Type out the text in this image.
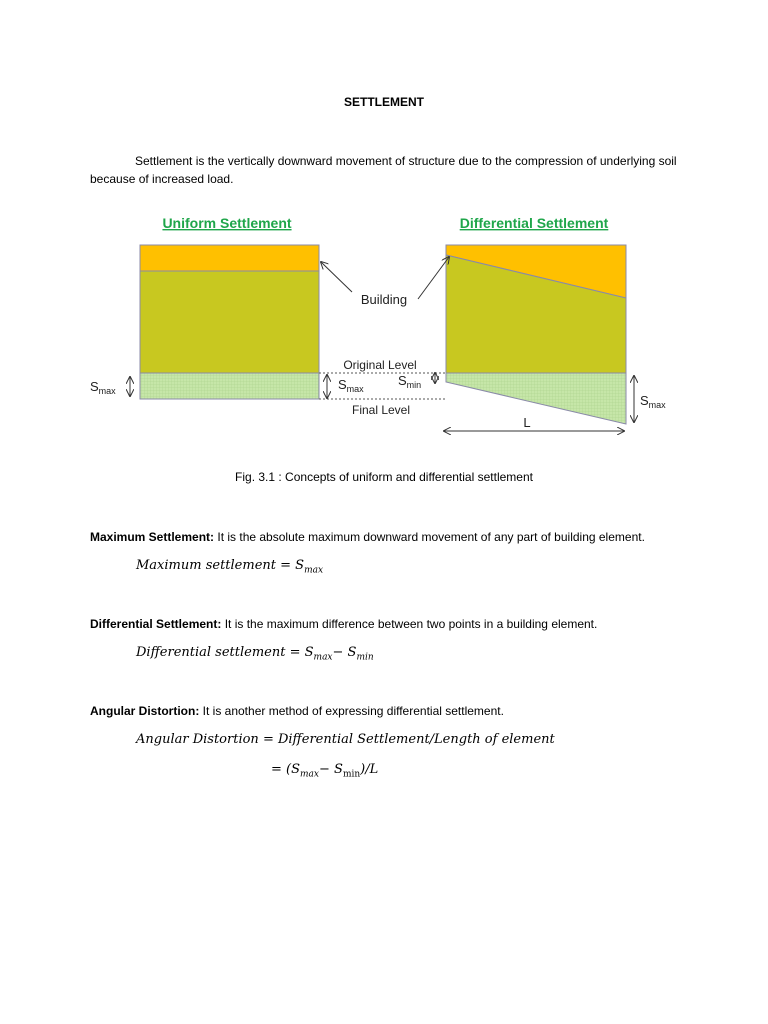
SETTLEMENT
Settlement is the vertically downward movement of structure due to the compression of underlying soil because of increased load.
Uniform Settlement	Differential Settlement
Original Level
Final Level
Building
$S_{max}$	$S_{max}$
$S_{min}$
$S_{max}$
L
Fig. 3.1 : Concepts of uniform and differential settlement
Maximum Settlement: It is the absolute maximum downward movement of any part of building element.
Maximum settlement = $S_{max}$
Differential Settlement: It is the maximum difference between two points in a building element.
Differential settlement = $S_{max}- S_{min}$
Angular Distortion: It is another method of expressing differential settlement.
Angular Distortion = Differential Settlement/Length of element
= $(S_{max}- S_{min})/L$
